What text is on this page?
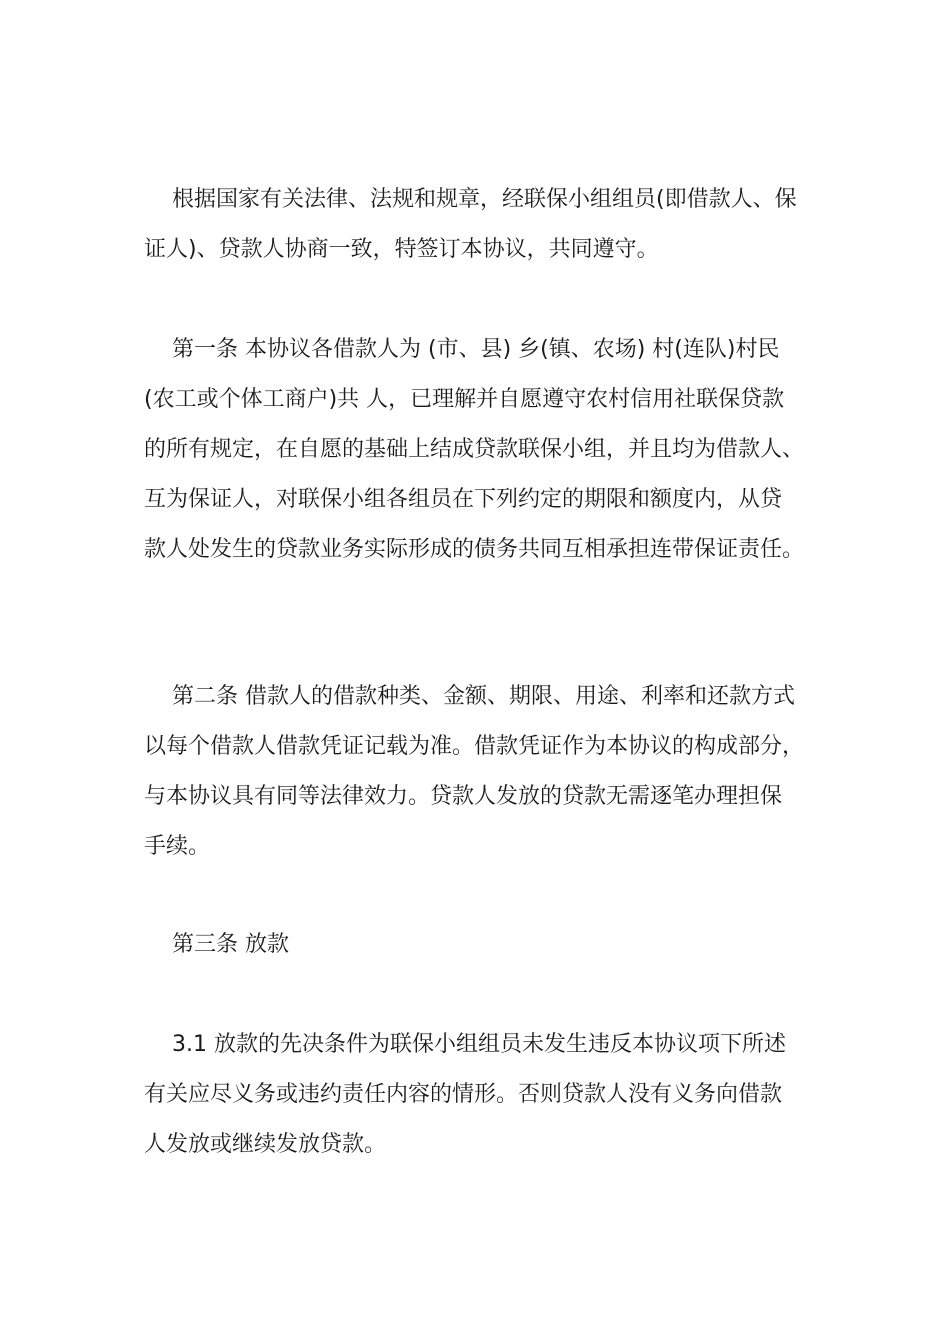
根据国家有关法律、法规和规章，经联保小组组员(即借款人、保
证人)、贷款人协商一致，特签订本协议，共同遵守。
第一条 本协议各借款人为 (市、县) 乡(镇、农场) 村(连队)村民
(农工或个体工商户)共 人，已理解并自愿遵守农村信用社联保贷款
的所有规定，在自愿的基础上结成贷款联保小组，并且均为借款人、
互为保证人，对联保小组各组员在下列约定的期限和额度内，从贷
款人处发生的贷款业务实际形成的债务共同互相承担连带保证责任。
第二条 借款人的借款种类、金额、期限、用途、利率和还款方式
以每个借款人借款凭证记载为准。借款凭证作为本协议的构成部分，
与本协议具有同等法律效力。贷款人发放的贷款无需逐笔办理担保
手续。
第三条 放款
3.1 放款的先决条件为联保小组组员未发生违反本协议项下所述
有关应尽义务或违约责任内容的情形。否则贷款人没有义务向借款
人发放或继续发放贷款。
